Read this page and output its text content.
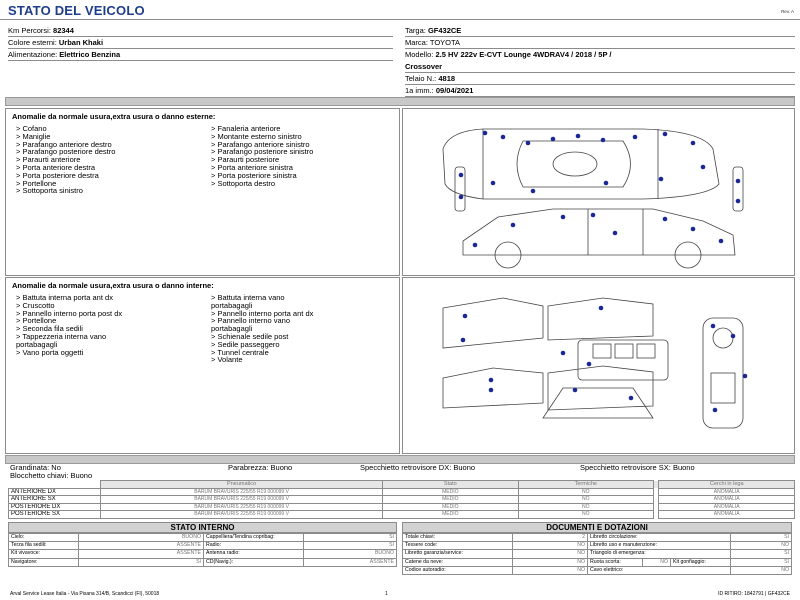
STATO DEL VEICOLO	Rev. A
Km Percorsi: 82344
Colore esterni: Urban Khaki
Alimentazione: Elettrico Benzina
Targa: GF432CE
Marca: TOYOTA
Modello: 2.5 HV 222v E-CVT Lounge 4WDRAV4 / 2018 / 5P /
Crossover
Telaio N.: 4818
1a imm.: 09/04/2021
Anomalie da normale usura,extra usura o danno esterne:
> Cofano
> Maniglie
> Parafango anteriore destro
> Parafango posteriore destro
> Paraurti anteriore
> Porta anteriore destra
> Porta posteriore destra
> Portellone
> Sottoporta sinistro
> Fanaleria anteriore
> Montante esterno sinistro
> Parafango anteriore sinistro
> Parafango posteriore sinistro
> Paraurti posteriore
> Porta anteriore sinistra
> Porta posteriore sinistra
> Sottoporta destro
Anomalie da normale usura,extra usura o danno interne:
> Battuta interna porta ant dx
> Cruscotto
> Pannello interno porta post dx
> Portellone
> Seconda fila sedili
> Tappezzeria interna vano
portabagagli
> Vano porta oggetti
> Battuta interna vano
portabagagli
> Pannello interno porta ant dx
> Pannello interno vano
portabagagli
> Schienale sedile post
> Sedile passeggero
> Tunnel centrale
> Volante
Grandinata: No
Blocchetto chiavi: Buono
Parabrezza: Buono	Specchietto retrovisore DX: Buono	Specchietto retrovisore SX: Buono
	Pneumatico	Stato	Termiche		Cerchi in lega
ANTERIORE DX	BARUM BRAVURIS 225/55 R19 000099 V	MEDIO	NO		ANOMALIA
ANTERIORE SX	BARUM BRAVURIS 225/55 R19 000099 V	MEDIO	NO		ANOMALIA
POSTERIORE DX	BARUM BRAVURIS 225/55 R19 000099 V	MEDIO	NO		ANOMALIA
POSTERIORE SX	BARUM BRAVURIS 225/55 R19 000099 V	MEDIO	NO		ANOMALIA
STATO INTERNO
Cielo:	BUONO	Cappelliera/Tendina copribag:	SI
Terza fila sedili:	ASSENTE	Radio:	SI
Kit vivavoce:	ASSENTE	Antenna radio:	BUONO
Navigatore:	SI	CD(Navig.):	ASSENTE
DOCUMENTI E DOTAZIONI
Totale chiavi:	2	Libretto circolazione:			SI
Tessere code:	NO	Libretto uso e manutenzione:			NO
Libretto garanzia/service:	NO	Triangolo di emergenza:			SI
Catene da neve:	NO	Ruota scorta:	NO	Kit gonfiaggio:	SI
Codice autoradio:	NO	Cavo elettrico:			NO
Arval Service Lease Italia - Via Pisana 314/B, Scandicci (FI), 50018	1	ID RITIRO: 1842791 | GF432CE
